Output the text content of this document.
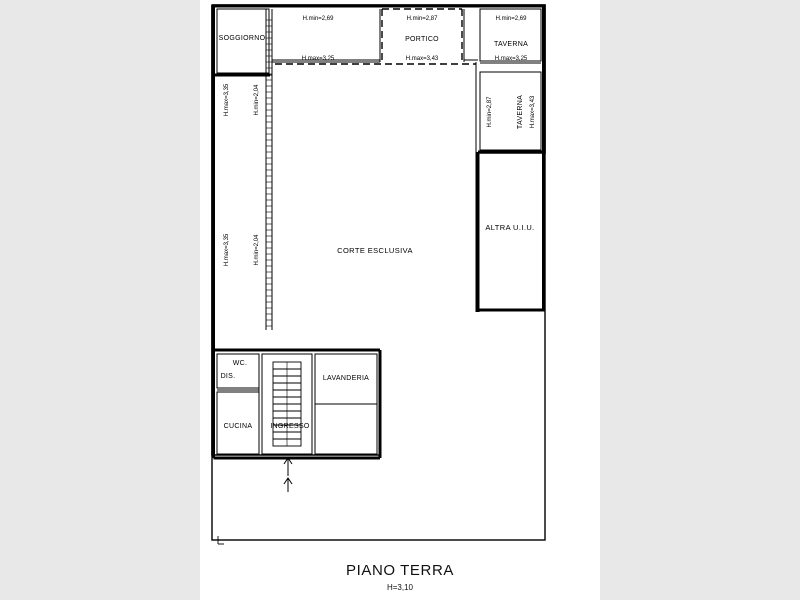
SOGGIORNO	PORTICO
TAVERNA
TAVERNA
CORTE ESCLUSIVA
ALTRA U.I.U.
WC.
DIS.	LAVANDERIA
CUCINA	INGRESSO
H.min=2,69
H.max=3,25
H.min=2,87
H.max=3,43
H.min=2,69
H.max=3,25
H.max=3,35	H.min=2,04
H.max=3,35	H.min=2,04
H.min=2,87	H.max=3,43
PIANO TERRA
H=3,10
